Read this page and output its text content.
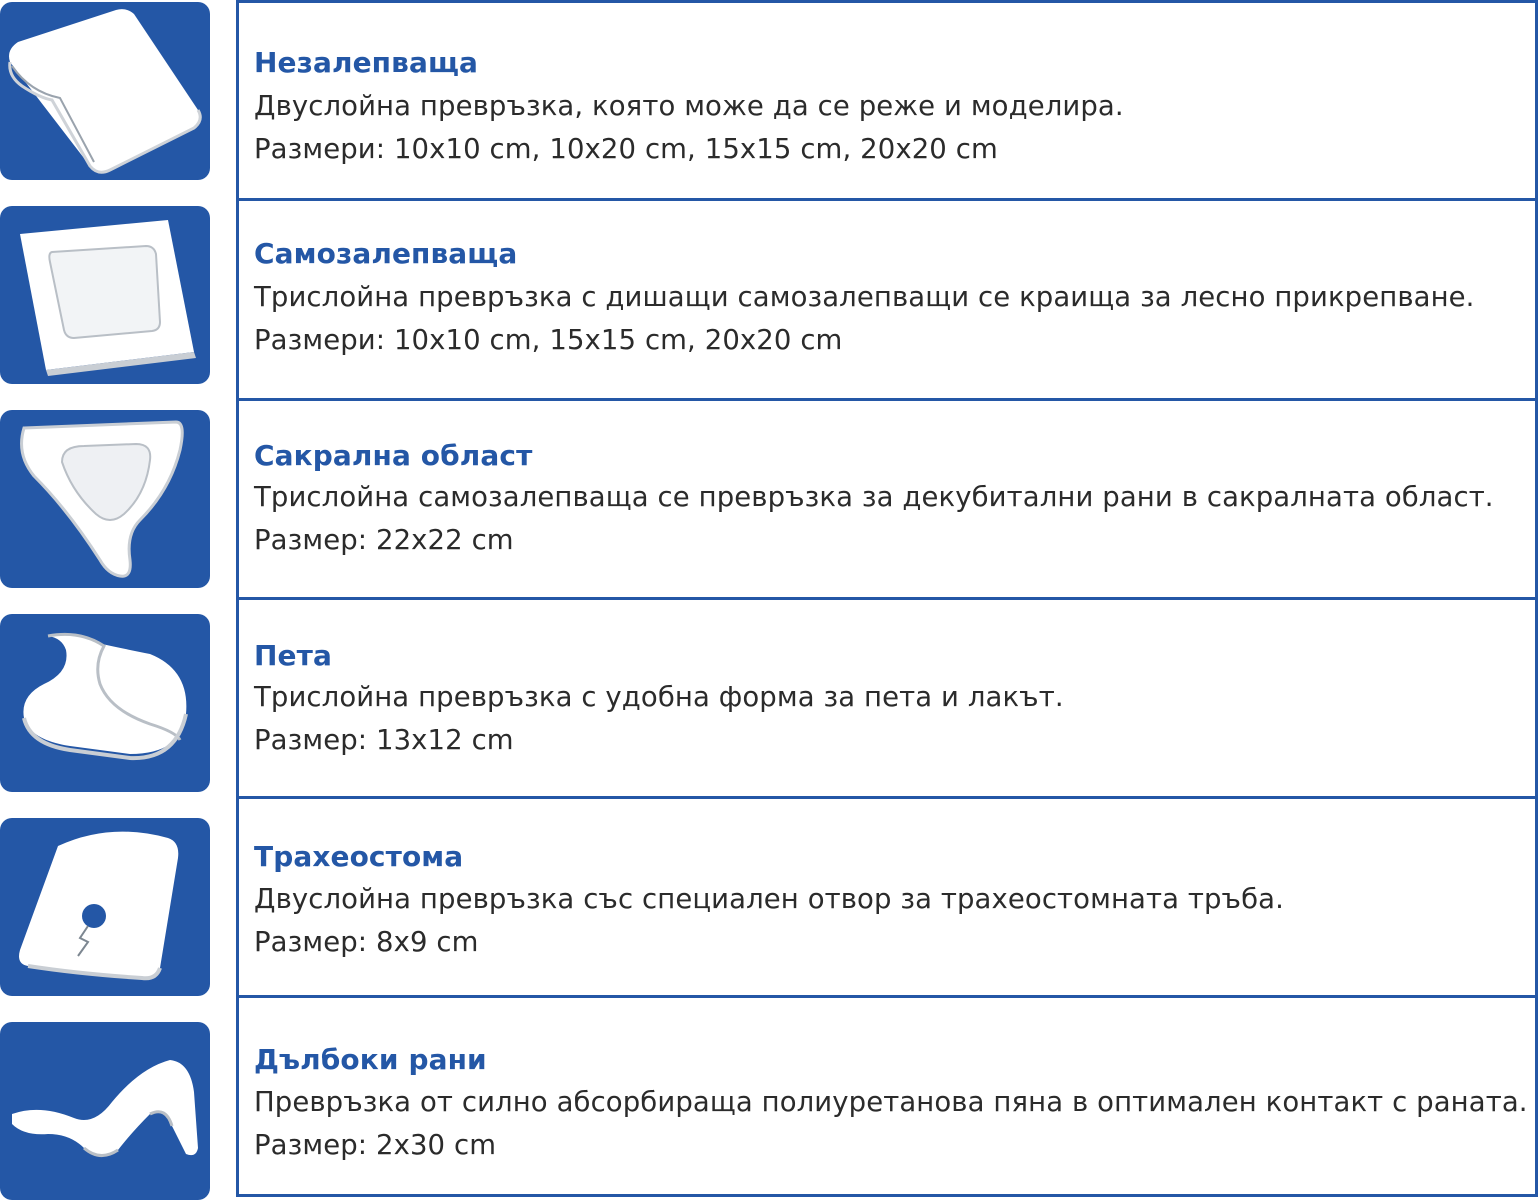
Незалепваща
Двуслойна превръзка, която може да се реже и моделира.
Размери: 10x10 cm, 10x20 cm, 15x15 cm, 20x20 cm
Самозалепваща
Трислойна превръзка с дишащи самозалепващи се краища за лесно прикрепване.
Размери: 10x10 cm, 15x15 cm, 20x20 cm
Сакрална област
Трислойна самозалепваща се превръзка за декубитални рани в сакралната област.
Размер: 22x22 cm
Пета
Трислойна превръзка с удобна форма за пета и лакът.
Размер: 13x12 cm
Трахеостома
Двуслойна превръзка със специален отвор за трахеостомната тръба.
Размер: 8x9 cm
Дълбоки рани
Превръзка от силно абсорбираща полиуретанова пяна в оптимален контакт с раната.
Размер: 2x30 cm
